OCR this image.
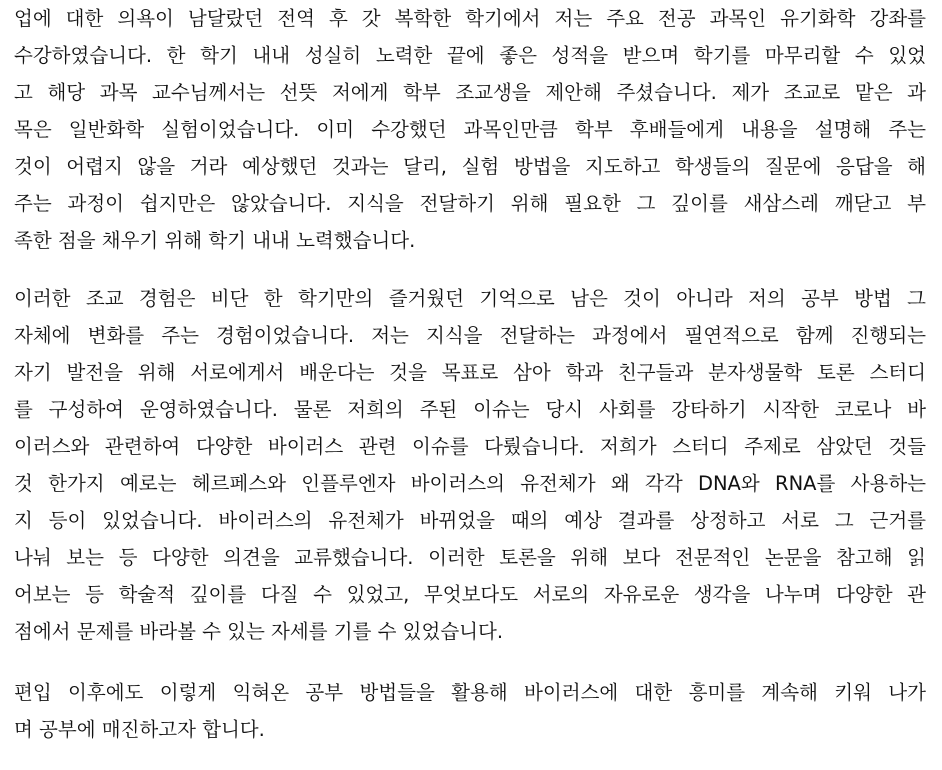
업에 대한 의욕이 남달랐던 전역 후 갓 복학한 학기에서 저는 주요 전공 과목인 유기화학 강좌를
수강하였습니다. 한 학기 내내 성실히 노력한 끝에 좋은 성적을 받으며 학기를 마무리할 수 있었
고 해당 과목 교수님께서는 선뜻 저에게 학부 조교생을 제안해 주셨습니다. 제가 조교로 맡은 과
목은 일반화학 실험이었습니다. 이미 수강했던 과목인만큼 학부 후배들에게 내용을 설명해 주는
것이 어렵지 않을 거라 예상했던 것과는 달리, 실험 방법을 지도하고 학생들의 질문에 응답을 해
주는 과정이 쉽지만은 않았습니다. 지식을 전달하기 위해 필요한 그 깊이를 새삼스레 깨닫고 부
족한 점을 채우기 위해 학기 내내 노력했습니다.
이러한 조교 경험은 비단 한 학기만의 즐거웠던 기억으로 남은 것이 아니라 저의 공부 방법 그
자체에 변화를 주는 경험이었습니다. 저는 지식을 전달하는 과정에서 필연적으로 함께 진행되는
자기 발전을 위해 서로에게서 배운다는 것을 목표로 삼아 학과 친구들과 분자생물학 토론 스터디
를 구성하여 운영하였습니다. 물론 저희의 주된 이슈는 당시 사회를 강타하기 시작한 코로나 바
이러스와 관련하여 다양한 바이러스 관련 이슈를 다뤘습니다. 저희가 스터디 주제로 삼았던 것들
것 한가지 예로는 헤르페스와 인플루엔자 바이러스의 유전체가 왜 각각 DNA와 RNA를 사용하는
지 등이 있었습니다. 바이러스의 유전체가 바뀌었을 때의 예상 결과를 상정하고 서로 그 근거를
나눠 보는 등 다양한 의견을 교류했습니다. 이러한 토론을 위해 보다 전문적인 논문을 참고해 읽
어보는 등 학술적 깊이를 다질 수 있었고, 무엇보다도 서로의 자유로운 생각을 나누며 다양한 관
점에서 문제를 바라볼 수 있는 자세를 기를 수 있었습니다.
편입 이후에도 이렇게 익혀온 공부 방법들을 활용해 바이러스에 대한 흥미를 계속해 키워 나가
며 공부에 매진하고자 합니다.
